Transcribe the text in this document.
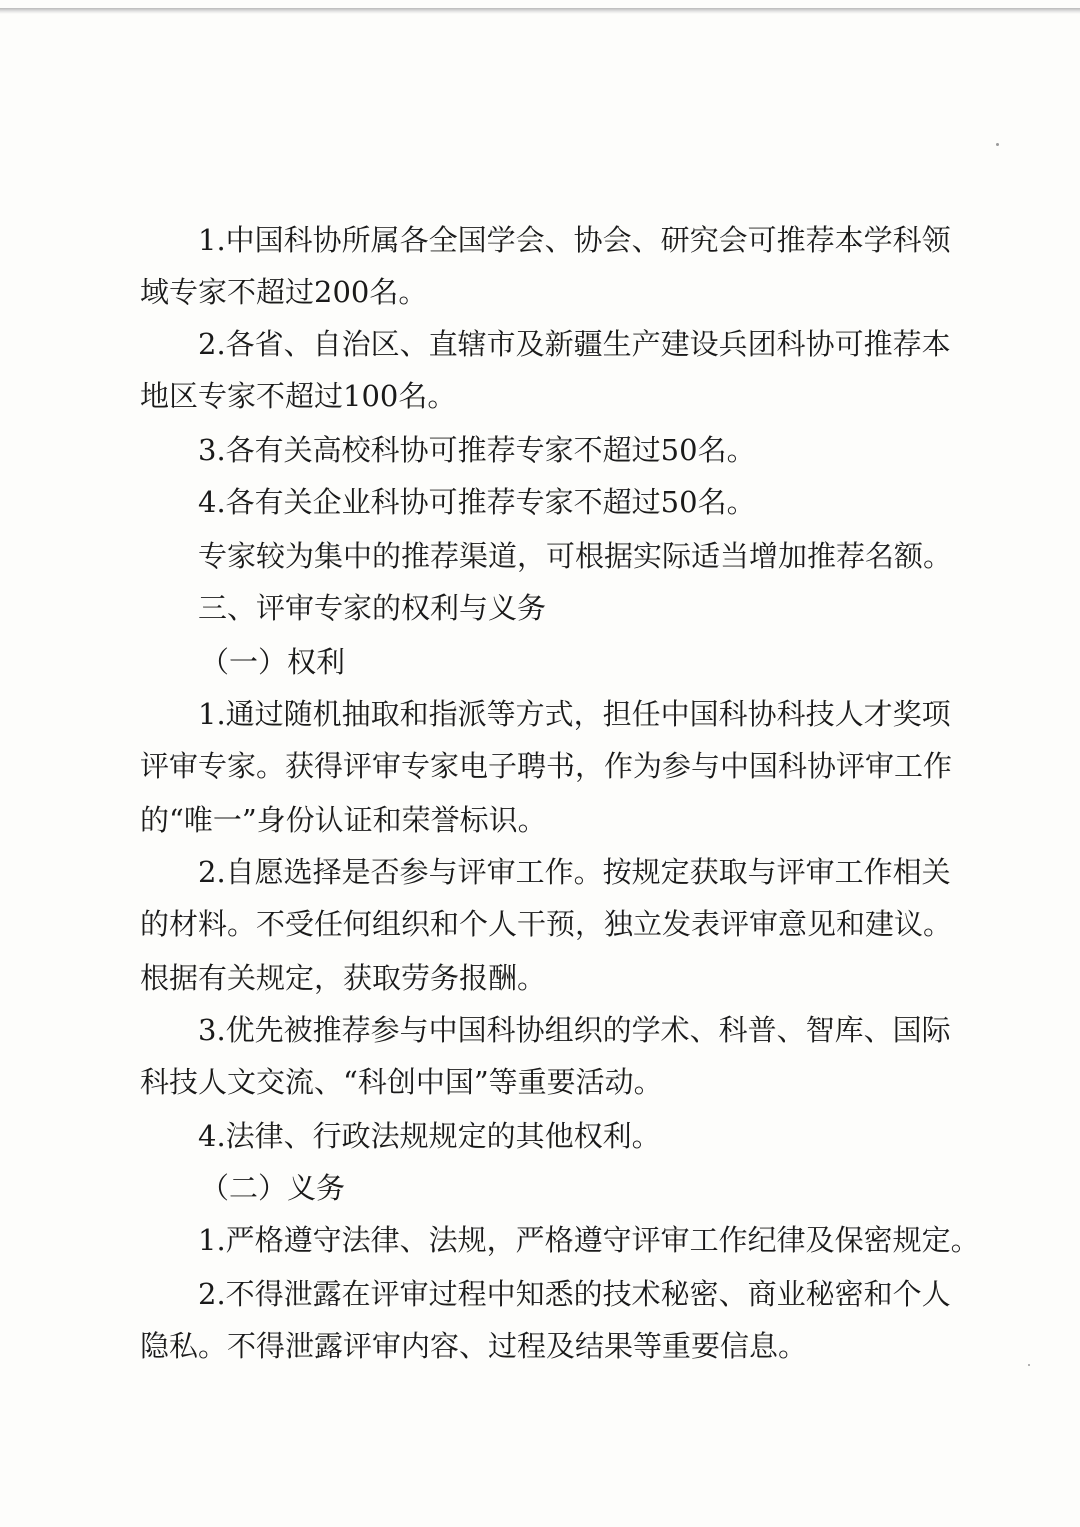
1.中国科协所属各全国学会、协会、研究会可推荐本学科领
域专家不超过200名。
2.各省、自治区、直辖市及新疆生产建设兵团科协可推荐本
地区专家不超过100名。
3.各有关高校科协可推荐专家不超过50名。
4.各有关企业科协可推荐专家不超过50名。
专家较为集中的推荐渠道，可根据实际适当增加推荐名额。
三、评审专家的权利与义务
（一）权利
1.通过随机抽取和指派等方式，担任中国科协科技人才奖项
评审专家。获得评审专家电子聘书，作为参与中国科协评审工作
的“唯一”身份认证和荣誉标识。
2.自愿选择是否参与评审工作。按规定获取与评审工作相关
的材料。不受任何组织和个人干预，独立发表评审意见和建议。
根据有关规定，获取劳务报酬。
3.优先被推荐参与中国科协组织的学术、科普、智库、国际
科技人文交流、“科创中国”等重要活动。
4.法律、行政法规规定的其他权利。
（二）义务
1.严格遵守法律、法规，严格遵守评审工作纪律及保密规定。
2.不得泄露在评审过程中知悉的技术秘密、商业秘密和个人
隐私。不得泄露评审内容、过程及结果等重要信息。
